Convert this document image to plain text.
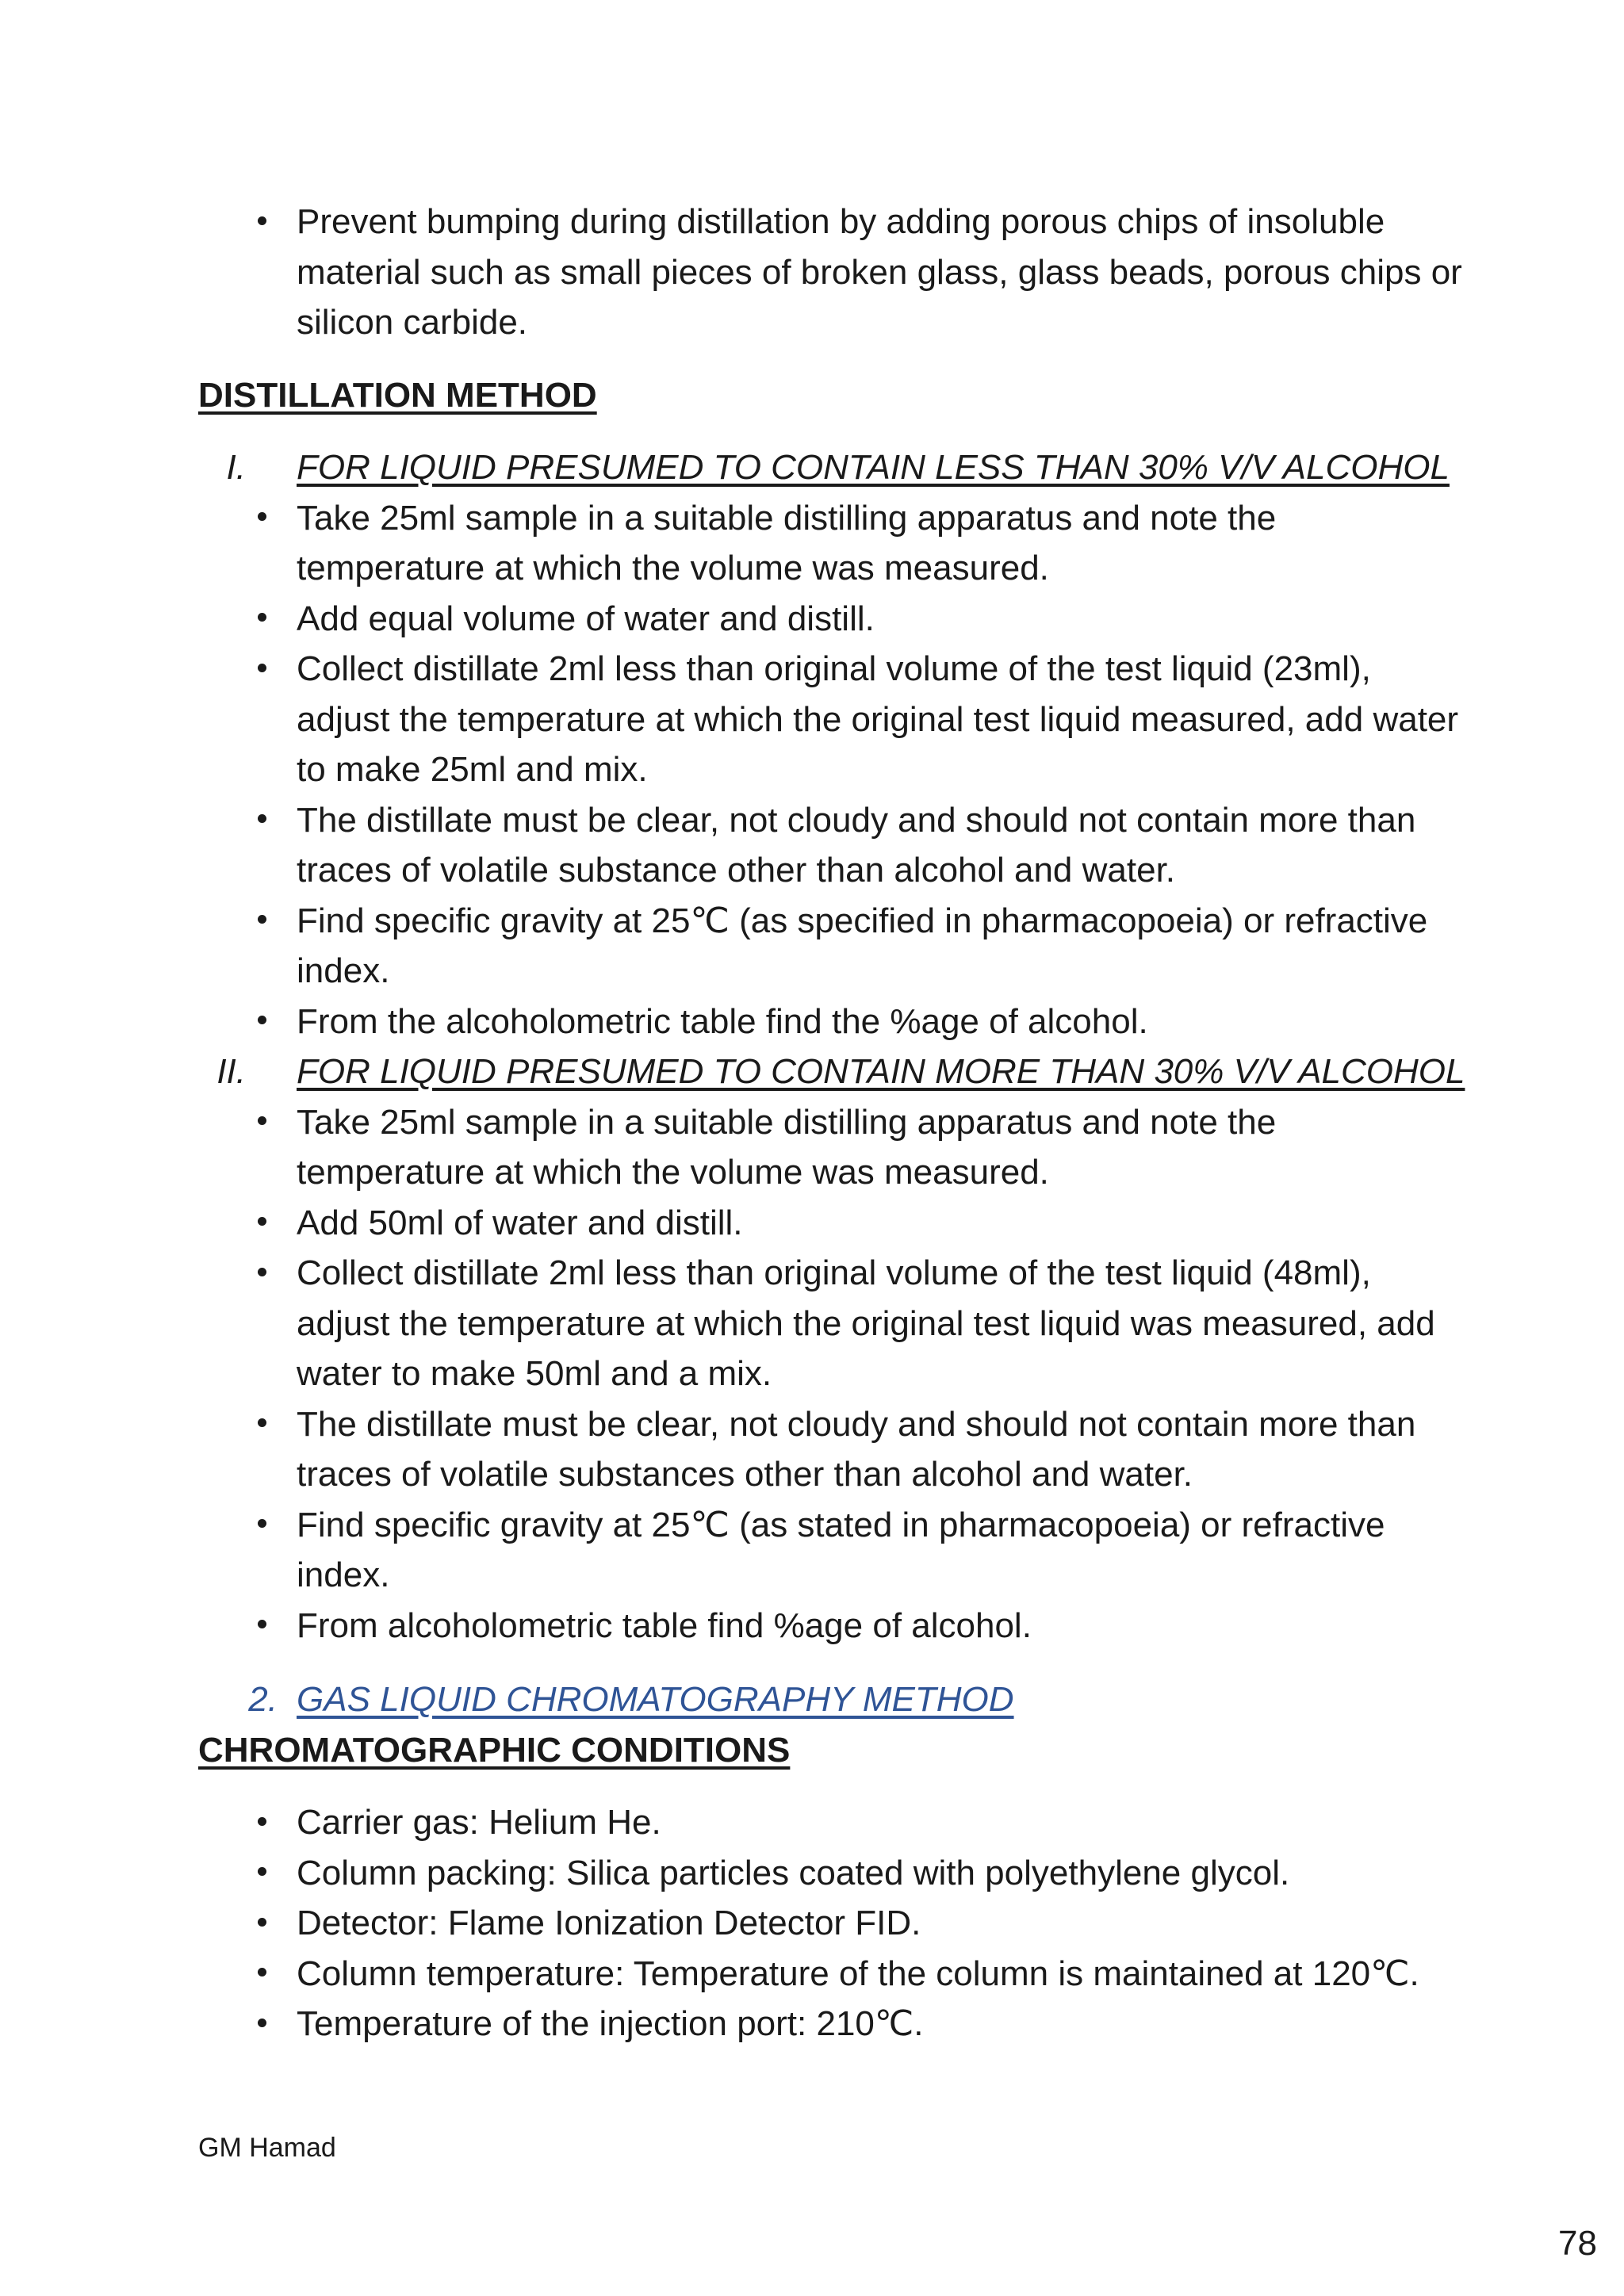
Prevent bumping during distillation by adding porous chips of insoluble material such as small pieces of broken glass, glass beads, porous chips or silicon carbide.
DISTILLATION METHOD
I. FOR LIQUID PRESUMED TO CONTAIN LESS THAN 30% V/V ALCOHOL
Take 25ml sample in a suitable distilling apparatus and note the temperature at which the volume was measured.
Add equal volume of water and distill.
Collect distillate 2ml less than original volume of the test liquid (23ml), adjust the temperature at which the original test liquid measured, add water to make 25ml and mix.
The distillate must be clear, not cloudy and should not contain more than traces of volatile substance other than alcohol and water.
Find specific gravity at 25℃ (as specified in pharmacopoeia) or refractive index.
From the alcoholometric table find the %age of alcohol.
II. FOR LIQUID PRESUMED TO CONTAIN MORE THAN 30% V/V ALCOHOL
Take 25ml sample in a suitable distilling apparatus and note the temperature at which the volume was measured.
Add 50ml of water and distill.
Collect distillate 2ml less than original volume of the test liquid (48ml), adjust the temperature at which the original test liquid was measured, add water to make 50ml and a mix.
The distillate must be clear, not cloudy and should not contain more than traces of volatile substances other than alcohol and water.
Find specific gravity at 25℃ (as stated in pharmacopoeia) or refractive index.
From alcoholometric table find %age of alcohol.
2. GAS LIQUID CHROMATOGRAPHY METHOD
CHROMATOGRAPHIC CONDITIONS
Carrier gas: Helium He.
Column packing: Silica particles coated with polyethylene glycol.
Detector: Flame Ionization Detector FID.
Column temperature: Temperature of the column is maintained at 120℃.
Temperature of the injection port: 210℃.
GM Hamad
78
